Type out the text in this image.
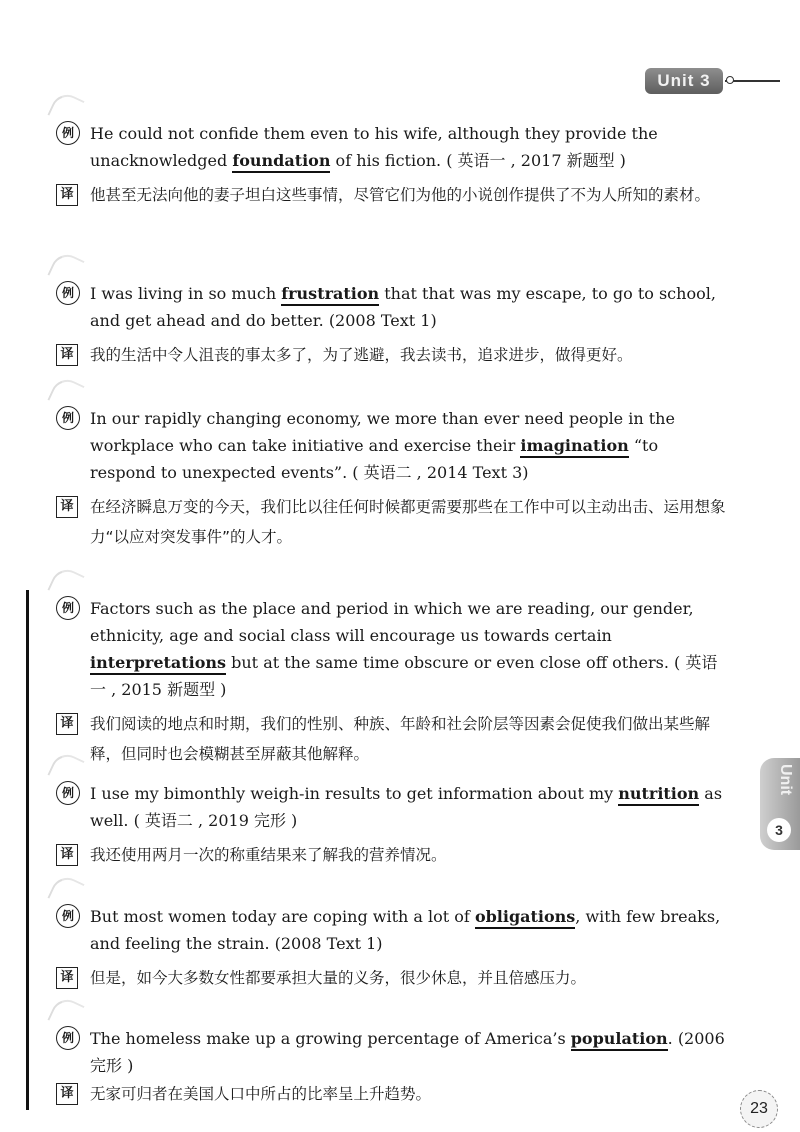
Unit 3
Unit
3
例	He could not confide them even to his wife, although they provide the unacknowledged foundation of his fiction. ( 英语一 , 2017 新题型 )
译 他甚至无法向他的妻子坦白这些事情，尽管它们为他的小说创作提供了不为人所知的素材。
例	I was living in so much frustration that that was my escape, to go to school, and get ahead and do better. (2008 Text 1)
译 我的生活中令人沮丧的事太多了，为了逃避，我去读书，追求进步，做得更好。
例	In our rapidly changing economy, we more than ever need people in the workplace who can take initiative and exercise their imagination “to respond to unexpected events”. ( 英语二 , 2014 Text 3)
译 在经济瞬息万变的今天，我们比以往任何时候都更需要那些在工作中可以主动出击、运用想象力“以应对突发事件”的人才。
例	Factors such as the place and period in which we are reading, our gender, ethnicity, age and social class will encourage us towards certain interpretations but at the same time obscure or even close off others. ( 英语一 , 2015 新题型 )
译 我们阅读的地点和时期，我们的性别、种族、年龄和社会阶层等因素会促使我们做出某些解释，但同时也会模糊甚至屏蔽其他解释。
例	I use my bimonthly weigh-in results to get information about my nutrition as well. ( 英语二 , 2019 完形 )
译 我还使用两月一次的称重结果来了解我的营养情况。
例	But most women today are coping with a lot of obligations, with few breaks, and feeling the strain. (2008 Text 1)
译 但是，如今大多数女性都要承担大量的义务，很少休息，并且倍感压力。
例	The homeless make up a growing percentage of America’s population. (2006 完形 )
译 无家可归者在美国人口中所占的比率呈上升趋势。
23
